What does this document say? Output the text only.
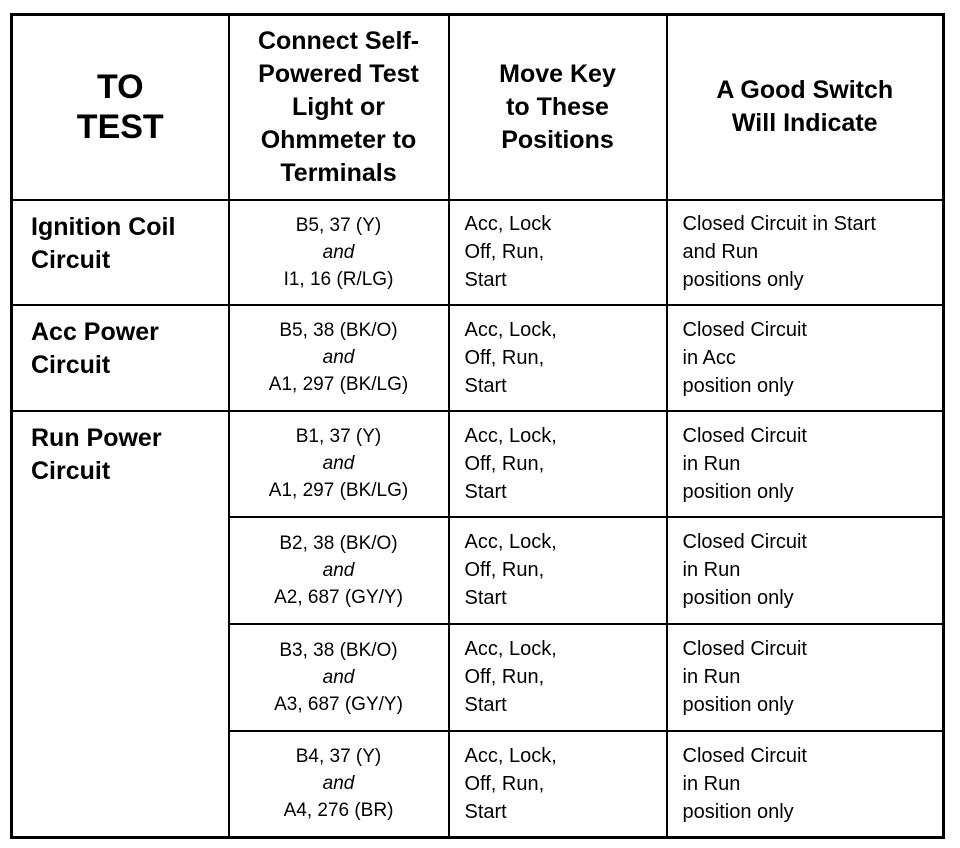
TO
TEST	Connect Self-
Powered Test
Light or
Ohmmeter to
Terminals	Move Key
to These
Positions	A Good Switch
Will Indicate

Ignition Coil
Circuit	B5, 37 (Y)
and
I1, 16 (R/LG)	Acc, Lock
Off, Run,
Start	Closed Circuit in Start
and Run
positions only

Acc Power
Circuit	B5, 38 (BK/O)
and
A1, 297 (BK/LG)	Acc, Lock,
Off, Run,
Start	Closed Circuit
in Acc
position only

Run Power
Circuit	B1, 37 (Y)
and
A1, 297 (BK/LG)	Acc, Lock,
Off, Run,
Start	Closed Circuit
in Run
position only

	B2, 38 (BK/O)
and
A2, 687 (GY/Y)	Acc, Lock,
Off, Run,
Start	Closed Circuit
in Run
position only

	B3, 38 (BK/O)
and
A3, 687 (GY/Y)	Acc, Lock,
Off, Run,
Start	Closed Circuit
in Run
position only

	B4, 37 (Y)
and
A4, 276 (BR)	Acc, Lock,
Off, Run,
Start	Closed Circuit
in Run
position only
